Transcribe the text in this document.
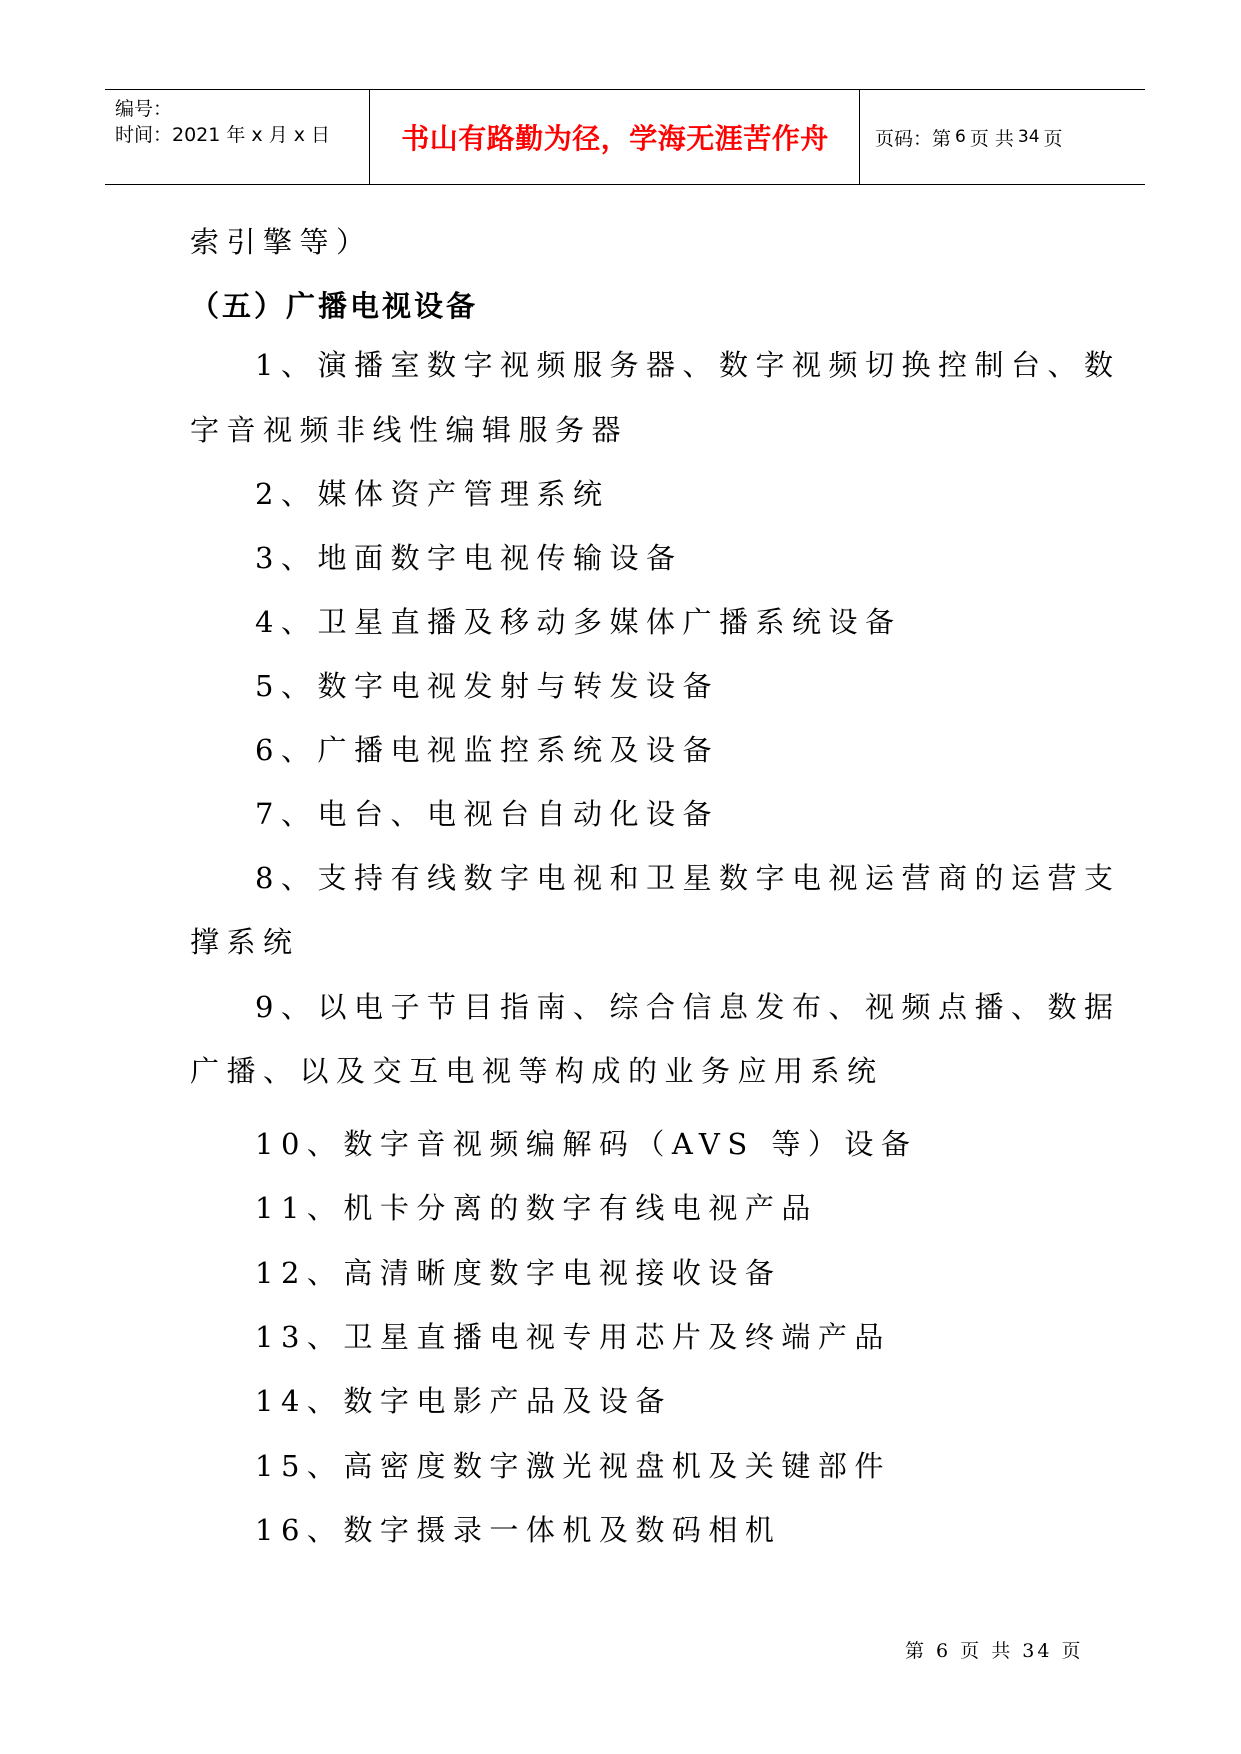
编号：
时间：2021 年 x 月 x 日	书山有路勤为径，学海无涯苦作舟	页码：第 6 页 共 34 页
索引擎等）
（五）广播电视设备
1、演播室数字视频服务器、数字视频切换控制台、数
字音视频非线性编辑服务器
2、媒体资产管理系统
3、地面数字电视传输设备
4、卫星直播及移动多媒体广播系统设备
5、数字电视发射与转发设备
6、广播电视监控系统及设备
7、电台、电视台自动化设备
8、支持有线数字电视和卫星数字电视运营商的运营支
撑系统
9、以电子节目指南、综合信息发布、视频点播、数据
广播、以及交互电视等构成的业务应用系统
10、数字音视频编解码（AVS 等）设备
11、机卡分离的数字有线电视产品
12、高清晰度数字电视接收设备
13、卫星直播电视专用芯片及终端产品
14、数字电影产品及设备
15、高密度数字激光视盘机及关键部件
16、数字摄录一体机及数码相机
第 6 页 共 34 页
